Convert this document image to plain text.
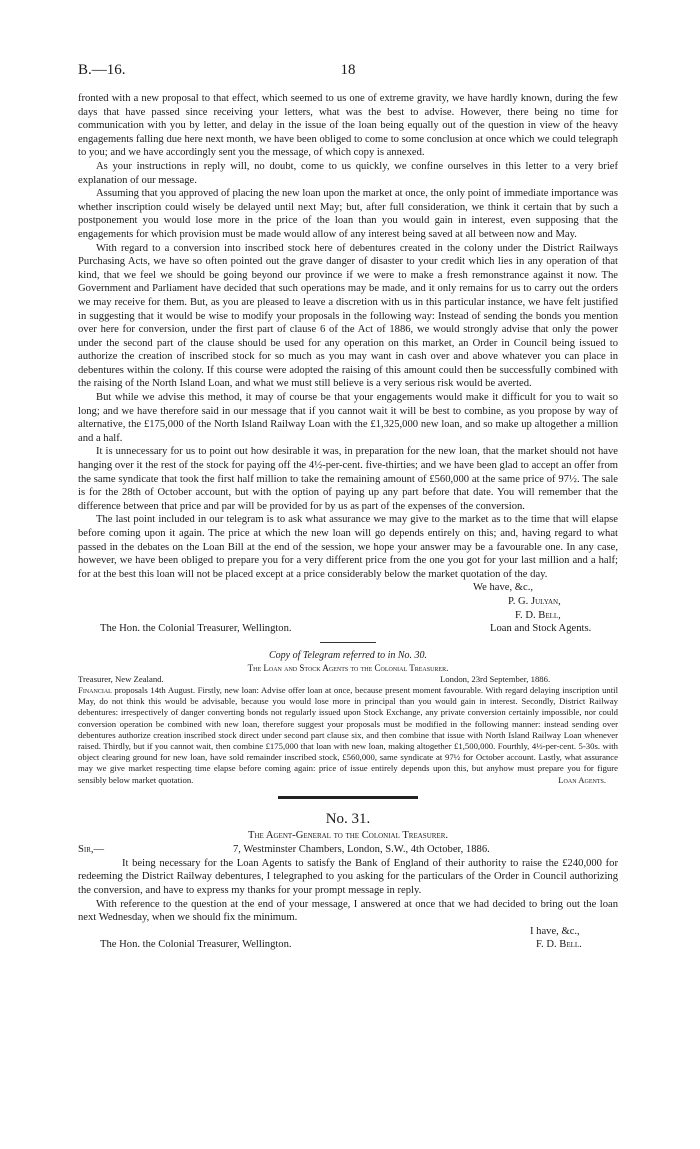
B.—16.	18

fronted with a new proposal to that effect, which seemed to us one of extreme gravity, we have hardly known, during the few days that have passed since receiving your letters, what was the best to advise. However, there being no time for communication with you by letter, and delay in the issue of the loan being equally out of the question in view of the heavy engagements falling due here next month, we have been obliged to come to some conclusion at once which we could telegraph to you; and we have accordingly sent you the message, of which copy is annexed.

As your instructions in reply will, no doubt, come to us quickly, we confine ourselves in this letter to a very brief explanation of our message.

Assuming that you approved of placing the new loan upon the market at once, the only point of immediate importance was whether inscription could wisely be delayed until next May; but, after full consideration, we think it certain that by such a postponement you would lose more in the price of the loan than you would gain in interest, even supposing that the engagements for which provision must be made would allow of any interest being saved at all between now and May.

With regard to a conversion into inscribed stock here of debentures created in the colony under the District Railways Purchasing Acts, we have so often pointed out the grave danger of disaster to your credit which lies in any operation of that kind, that we feel we should be going beyond our province if we were to make a fresh remonstrance against it now. The Government and Parliament have decided that such operations may be made, and it only remains for us to carry out the orders we may receive for them. But, as you are pleased to leave a discretion with us in this particular instance, we have felt justified in suggesting that it would be wise to modify your proposals in the following way: Instead of sending the bonds you mention over here for conversion, under the first part of clause 6 of the Act of 1886, we would strongly advise that only the power under the second part of the clause should be used for any operation on this market, an Order in Council being issued to authorize the creation of inscribed stock for so much as you may want in cash over and above whatever you can place in debentures within the colony. If this course were adopted the raising of this amount could then be successfully combined with the raising of the North Island Loan, and what we must still believe is a very serious risk would be averted.

But while we advise this method, it may of course be that your engagements would make it difficult for you to wait so long; and we have therefore said in our message that if you cannot wait it will be best to combine, as you propose by way of alternative, the £175,000 of the North Island Railway Loan with the £1,325,000 new loan, and so make up altogether a million and a half.

It is unnecessary for us to point out how desirable it was, in preparation for the new loan, that the market should not have hanging over it the rest of the stock for paying off the 4½-per-cent. five-thirties; and we have been glad to accept an offer from the same syndicate that took the first half million to take the remaining amount of £560,000 at the same price of 97½. The sale is for the 28th of October account, but with the option of paying up any part before that date. You will remember that the difference between that price and par will be provided for by us as part of the expenses of the conversion.

The last point included in our telegram is to ask what assurance we may give to the market as to the time that will elapse before coming upon it again. The price at which the new loan will go depends entirely on this; and, having regard to what passed in the debates on the Loan Bill at the end of the session, we hope your answer may be a favourable one. In any case, however, we have been obliged to prepare you for a very different price from the one you got for your last million and a half; for at the best this loan will not be placed except at a price considerably below the market quotation of the day.

We have, &c.,
P. G. Julyan,
F. D. Bell,
The Hon. the Colonial Treasurer, Wellington.	Loan and Stock Agents.
Copy of Telegram referred to in No. 30.
The Loan and Stock Agents to the Colonial Treasurer.
Treasurer, New Zealand.	London, 23rd September, 1886.

Financial proposals 14th August. Firstly, new loan: Advise offer loan at once, because present moment favourable. With regard delaying inscription until May, do not think this would be advisable, because you would lose more in principal than you would gain in interest. Secondly, District Railway debentures: irrespectively of danger converting bonds not regularly issued upon Stock Exchange, any private conversion certainly impossible, nor could conversion operation be combined with new loan, therefore suggest your proposals must be modified in the following manner: instead sending over debentures authorize creation inscribed stock direct under second part clause six, and then combine that issue with North Island Railway Loan whenever raised. Thirdly, but if you cannot wait, then combine £175,000 that loan with new loan, making altogether £1,500,000. Fourthly, 4½-per-cent. 5-30s. with object clearing ground for new loan, have sold remainder inscribed stock, £560,000, same syndicate at 97½ for October account. Lastly, what assurance may we give market respecting time elapse before coming again: price of issue entirely depends upon this, but anyhow must prepare you for figure sensibly below market quotation.	Loan Agents.

No. 31.
The Agent-General to the Colonial Treasurer.
Sir,—	7, Westminster Chambers, London, S.W., 4th October, 1886.

It being necessary for the Loan Agents to satisfy the Bank of England of their authority to raise the £240,000 for redeeming the District Railway debentures, I telegraphed to you asking for the particulars of the Order in Council authorizing the conversion, and have to express my thanks for your prompt message in reply.

With reference to the question at the end of your message, I answered at once that we had decided to bring out the loan next Wednesday, when we should fix the minimum.

I have, &c.,
The Hon. the Colonial Treasurer, Wellington.	F. D. Bell.
